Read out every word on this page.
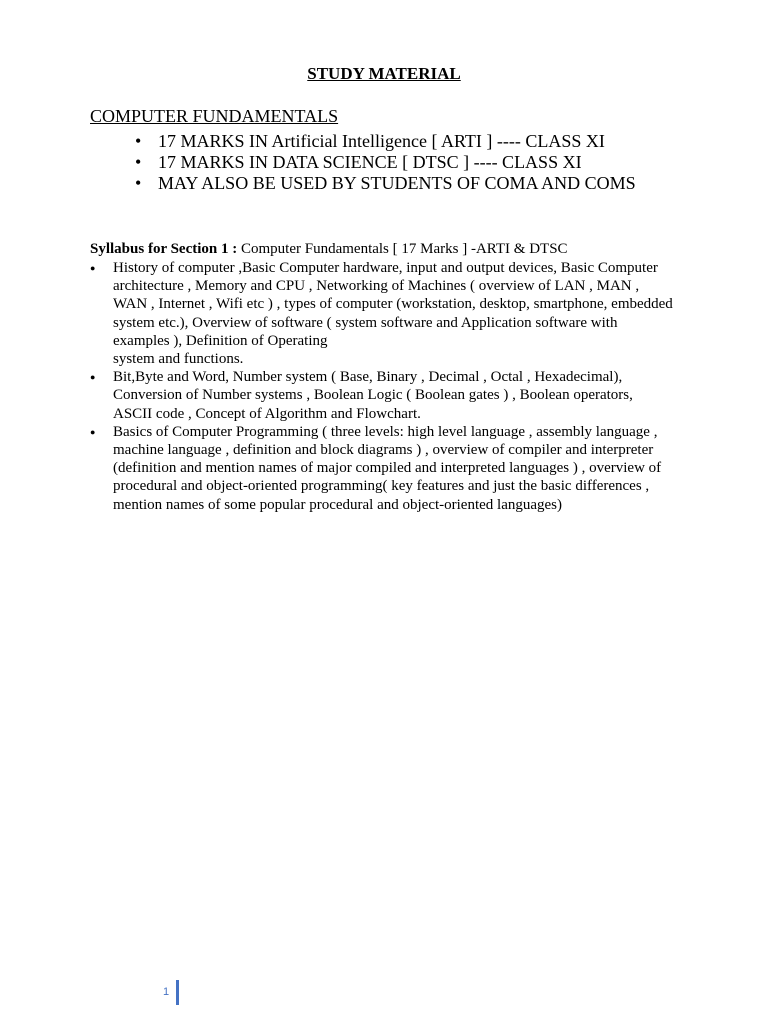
STUDY MATERIAL
COMPUTER FUNDAMENTALS
• 17 MARKS IN Artificial Intelligence [ ARTI ] ---- CLASS XI
• 17 MARKS IN DATA SCIENCE [ DTSC ] ---- CLASS XI
• MAY ALSO BE USED BY STUDENTS OF COMA AND COMS
Syllabus for Section 1 : Computer Fundamentals [ 17 Marks ] -ARTI & DTSC
● History of computer ,Basic Computer hardware, input and output devices, Basic Computer
architecture , Memory and CPU , Networking of Machines ( overview of LAN , MAN ,
WAN , Internet , Wifi etc ) , types of computer (workstation, desktop, smartphone, embedded
system etc.), Overview of software ( system software and Application software with
examples ), Definition of Operating
system and functions.
● Bit,Byte and Word, Number system ( Base, Binary , Decimal , Octal , Hexadecimal),
Conversion of Number systems , Boolean Logic ( Boolean gates ) , Boolean operators,
ASCII code , Concept of Algorithm and Flowchart.
● Basics of Computer Programming ( three levels: high level language , assembly language ,
machine language , definition and block diagrams ) , overview of compiler and interpreter
(definition and mention names of major compiled and interpreted languages ) , overview of
procedural and object-oriented programming( key features and just the basic differences ,
mention names of some popular procedural and object-oriented languages)
1
